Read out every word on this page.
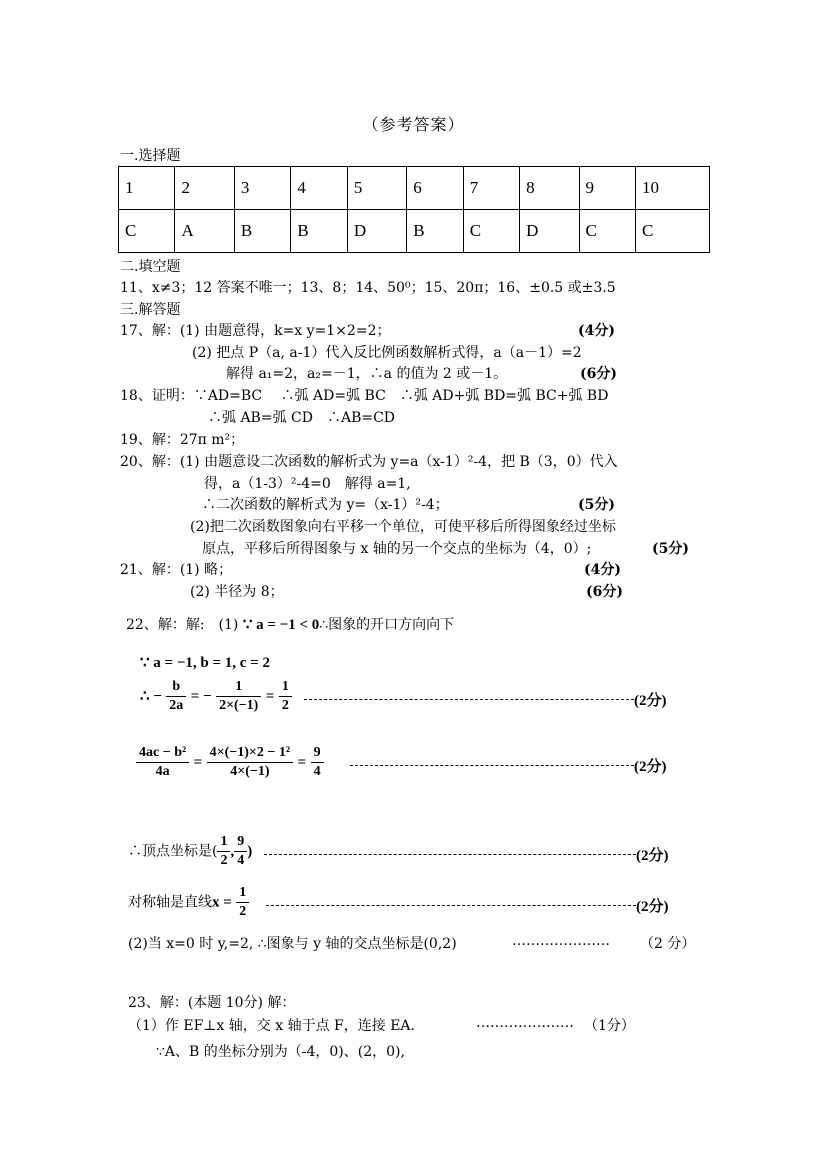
（参考答案）
一.选择题
1	2	3	4	5	6	7	8	9	10
C	A	B	B	D	B	C	D	C	C
二.填空题
11、x≠3；12 答案不唯一；13、8；14、50⁰；15、20π；16、±0.5 或±3.5
三.解答题
17、解：(1) 由题意得，k=x y=1×2=2；	(4分)
(2) 把点 P（a, a-1）代入反比例函数解析式得，a（a－1）=2
解得 a₁=2，a₂=－1，∴a 的值为 2 或－1。	(6分)
18、证明：∵AD=BC　 ∴弧 AD=弧 BC　∴弧 AD+弧 BD=弧 BC+弧 BD
∴弧 AB=弧 CD　∴AB=CD
19、解：27π m²；
20、解：(1) 由题意设二次函数的解析式为 y=a（x-1）²-4，把 B（3，0）代入
得，a（1-3）²-4=0　解得 a=1,
∴二次函数的解析式为 y=（x-1）²-4；	(5分)
(2)把二次函数图象向右平移一个单位，可使平移后所得图象经过坐标
原点，平移后所得图象与 x 轴的另一个交点的坐标为（4，0）;	(5分)
21、解：(1) 略；	(4分)
(2) 半径为 8；	(6分)
22、解：解:　(1) ∵ a = −1 < 0∴图象的开口方向向下
∵ a = −1, b = 1, c = 2
∴ − $\frac{b}{2a}$ = − $\frac{1}{2\times(-1)} = \frac{1}{2}$	(2分)
$\frac{\text{4ac − b²}}{4a} = \frac{\text{4×(−1)×2 − 1²}}{4\times(-1)} = \frac{9}{4}$	(2分)
∴顶点坐标是( $\frac{1}{2}$ , $\frac{9}{4}$ )	(2分)
对称轴是直线$x = \frac{1}{2}$	(2分)
(2)当 x=0 时 y,=2, ∴图象与 y 轴的交点坐标是(0,2)	………………… （2 分）
23、解：(本题 10分) 解：
（1）作 EF⊥x 轴，交 x 轴于点 F，连接 EA．	………………… （1分）
∵A、B 的坐标分别为（-4，0)、(2，0),
